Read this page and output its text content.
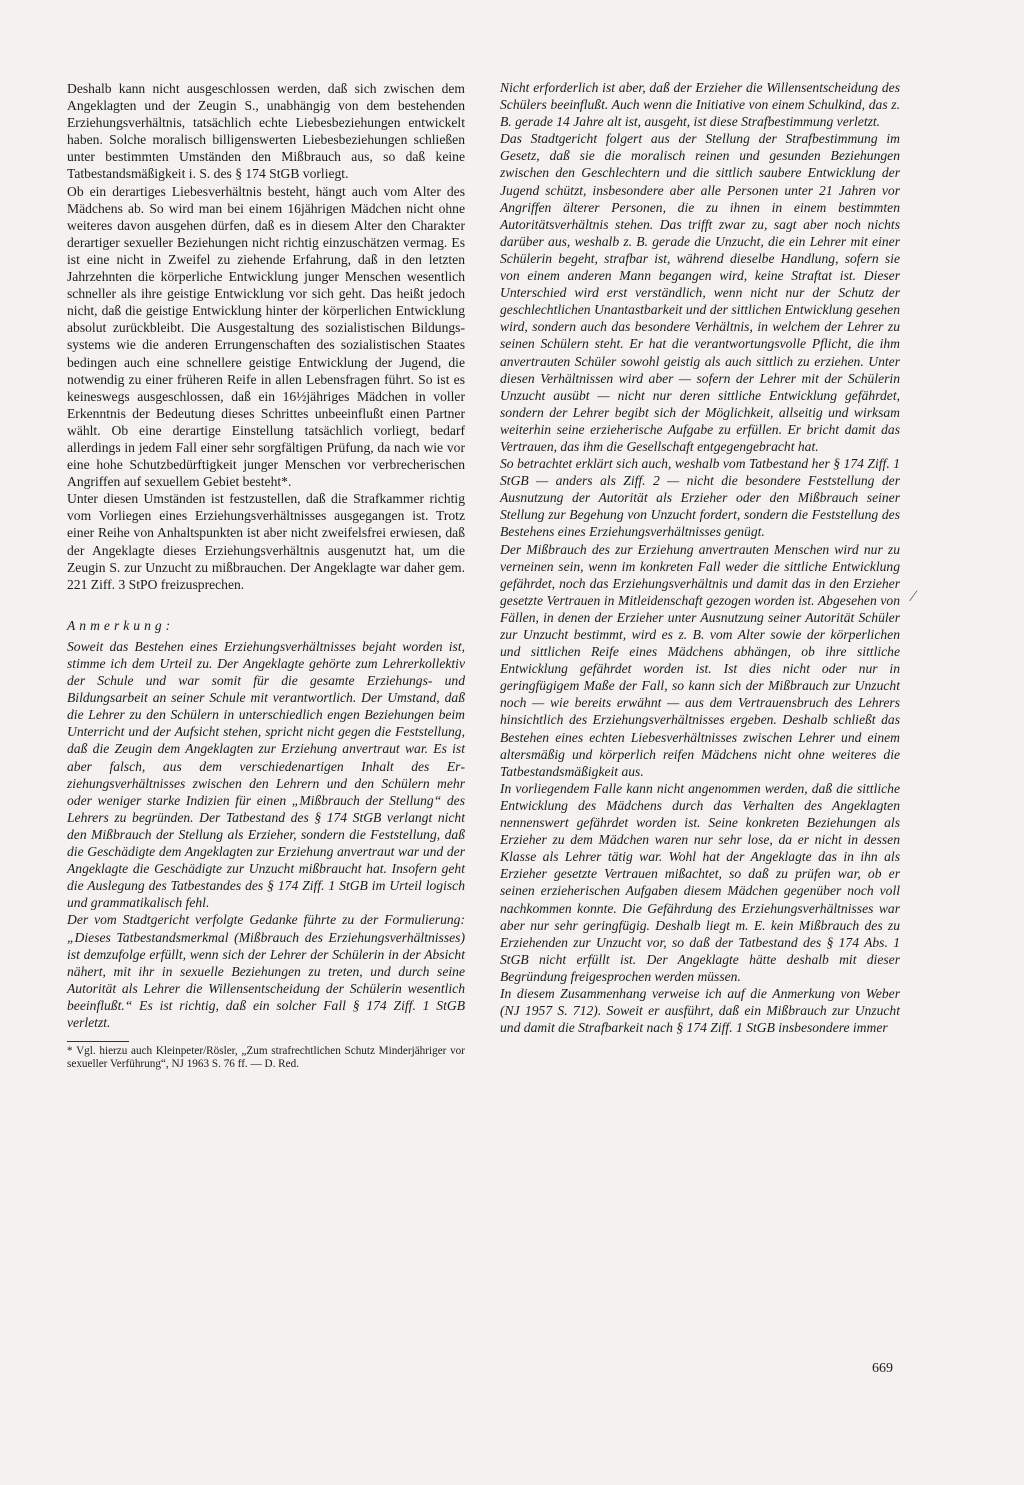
Deshalb kann nicht ausgeschlossen werden, daß sich zwischen dem Angeklagten und der Zeugin S., unabhängig von dem bestehenden Erziehungsverhältnis, tatsächlich echte Liebesbeziehungen entwickelt haben. Solche moralisch billigenswerten Liebesbeziehungen schließen unter bestimmten Umständen den Mißbrauch aus, so daß keine Tatbestandsmäßigkeit i. S. des § 174 StGB vorliegt.

Ob ein derartiges Liebesverhältnis besteht, hängt auch vom Alter des Mädchens ab. So wird man bei einem 16jährigen Mädchen nicht ohne weiteres davon ausgehen dürfen, daß es in diesem Alter den Charakter derartiger sexueller Beziehungen nicht richtig einzuschätzen vermag. Es ist eine nicht in Zweifel zu ziehende Erfahrung, daß in den letzten Jahrzehnten die körperliche Entwicklung junger Menschen wesentlich schneller als ihre geistige Entwicklung vor sich geht. Das heißt jedoch nicht, daß die geistige Entwicklung hinter der körperlichen Entwicklung absolut zurückbleibt. Die Ausgestaltung des sozialistischen Bildungssystems wie die anderen Errungenschaften des sozialistischen Staates bedingen auch eine schnellere geistige Entwicklung der Jugend, die notwendig zu einer früheren Reife in allen Lebensfragen führt. So ist es keineswegs ausgeschlossen, daß ein 16½jähriges Mädchen in voller Erkenntnis der Bedeutung dieses Schrittes unbeeinflußt einen Partner wählt. Ob eine derartige Einstellung tatsächlich vorliegt, bedarf allerdings in jedem Fall einer sehr sorgfältigen Prüfung, da nach wie vor eine hohe Schutzbedürftigkeit junger Menschen vor verbrecherischen Angriffen auf sexuellem Gebiet besteht*.

Unter diesen Umständen ist festzustellen, daß die Strafkammer richtig vom Vorliegen eines Erziehungsverhältnisses ausgegangen ist. Trotz einer Reihe von Anhaltspunkten ist aber nicht zweifelsfrei erwiesen, daß der Angeklagte dieses Erziehungsverhältnis ausgenutzt hat, um die Zeugin S. zur Unzucht zu mißbrauchen. Der Angeklagte war daher gem. 221 Ziff. 3 StPO freizusprechen.

Anmerkung:

Soweit das Bestehen eines Erziehungsverhältnisses bejaht worden ist, stimme ich dem Urteil zu. Der Angeklagte gehörte zum Lehrerkollektiv der Schule und war somit für die gesamte Erziehungs- und Bildungsarbeit an seiner Schule mit verantwortlich. Der Umstand, daß die Lehrer zu den Schülern in unterschiedlich engen Beziehungen beim Unterricht und der Aufsicht stehen, spricht nicht gegen die Feststellung, daß die Zeugin dem Angeklagten zur Erziehung anvertraut war. Es ist aber falsch, aus dem verschiedenartigen Inhalt des Erziehungsverhältnisses zwischen den Lehrern und den Schülern mehr oder weniger starke Indizien für einen „Mißbrauch der Stellung“ des Lehrers zu begründen. Der Tatbestand des § 174 StGB verlangt nicht den Mißbrauch der Stellung als Erzieher, sondern die Feststellung, daß die Geschädigte dem Angeklagten zur Erziehung anvertraut war und der Angeklagte die Geschädigte zur Unzucht mißbraucht hat. Insofern geht die Auslegung des Tatbestandes des § 174 Ziff. 1 StGB im Urteil logisch und grammatikalisch fehl.

Der vom Stadtgericht verfolgte Gedanke führte zu der Formulierung: „Dieses Tatbestandsmerkmal (Mißbrauch des Erziehungsverhältnisses) ist demzufolge erfüllt, wenn sich der Lehrer der Schülerin in der Absicht nähert, mit ihr in sexuelle Beziehungen zu treten, und durch seine Autorität als Lehrer die Willensentscheidung der Schülerin wesentlich beeinflußt.“ Es ist richtig, daß ein solcher Fall § 174 Ziff. 1 StGB verletzt.

* Vgl. hierzu auch Kleinpeter/Rösler, „Zum strafrechtlichen Schutz Minderjähriger vor sexueller Verführung“, NJ 1963 S. 76 ff. — D. Red.

Nicht erforderlich ist aber, daß der Erzieher die Willensentscheidung des Schülers beeinflußt. Auch wenn die Initiative von einem Schulkind, das z. B. gerade 14 Jahre alt ist, ausgeht, ist diese Strafbestimmung verletzt.

Das Stadtgericht folgert aus der Stellung der Strafbestimmung im Gesetz, daß sie die moralisch reinen und gesunden Beziehungen zwischen den Geschlechtern und die sittlich saubere Entwicklung der Jugend schützt, insbesondere aber alle Personen unter 21 Jahren vor Angriffen älterer Personen, die zu ihnen in einem bestimmten Autoritätsverhältnis stehen. Das trifft zwar zu, sagt aber noch nichts darüber aus, weshalb z. B. gerade die Unzucht, die ein Lehrer mit einer Schülerin begeht, strafbar ist, während dieselbe Handlung, sofern sie von einem anderen Mann begangen wird, keine Straftat ist. Dieser Unterschied wird erst verständlich, wenn nicht nur der Schutz der geschlechtlichen Unantastbarkeit und der sittlichen Entwicklung gesehen wird, sondern auch das besondere Verhältnis, in welchem der Lehrer zu seinen Schülern steht. Er hat die verantwortungsvolle Pflicht, die ihm anvertrauten Schüler sowohl geistig als auch sittlich zu erziehen. Unter diesen Verhältnissen wird aber — sofern der Lehrer mit der Schülerin Unzucht ausübt — nicht nur deren sittliche Entwicklung gefährdet, sondern der Lehrer begibt sich der Möglichkeit, allseitig und wirksam weiterhin seine erzieherische Aufgabe zu erfüllen. Er bricht damit das Vertrauen, das ihm die Gesellschaft entgegengebracht hat.

So betrachtet erklärt sich auch, weshalb vom Tatbestand her § 174 Ziff. 1 StGB — anders als Ziff. 2 — nicht die besondere Feststellung der Ausnutzung der Autorität als Erzieher oder den Mißbrauch seiner Stellung zur Begehung von Unzucht fordert, sondern die Feststellung des Bestehens eines Erziehungsverhältnisses genügt.

Der Mißbrauch des zur Erziehung anvertrauten Menschen wird nur zu verneinen sein, wenn im konkreten Fall weder die sittliche Entwicklung gefährdet, noch das Erziehungsverhältnis und damit das in den Erzieher gesetzte Vertrauen in Mitleidenschaft gezogen worden ist. Abgesehen von Fällen, in denen der Erzieher unter Ausnutzung seiner Autorität Schüler zur Unzucht bestimmt, wird es z. B. vom Alter sowie der körperlichen und sittlichen Reife eines Mädchens abhängen, ob ihre sittliche Entwicklung gefährdet worden ist. Ist dies nicht oder nur in geringfügigem Maße der Fall, so kann sich der Mißbrauch zur Unzucht noch — wie bereits erwähnt — aus dem Vertrauensbruch des Lehrers hinsichtlich des Erziehungsverhältnisses ergeben. Deshalb schließt das Bestehen eines echten Liebesverhältnisses zwischen Lehrer und einem altersmäßig und körperlich reifen Mädchens nicht ohne weiteres die Tatbestandsmäßigkeit aus.

In vorliegendem Falle kann nicht angenommen werden, daß die sittliche Entwicklung des Mädchens durch das Verhalten des Angeklagten nennenswert gefährdet worden ist. Seine konkreten Beziehungen als Erzieher zu dem Mädchen waren nur sehr lose, da er nicht in dessen Klasse als Lehrer tätig war. Wohl hat der Angeklagte das in ihn als Erzieher gesetzte Vertrauen mißachtet, so daß zu prüfen war, ob er seinen erzieherischen Aufgaben diesem Mädchen gegenüber noch voll nachkommen konnte. Die Gefährdung des Erziehungsverhältnisses war aber nur sehr geringfügig. Deshalb liegt m. E. kein Mißbrauch des zu Erziehenden zur Unzucht vor, so daß der Tatbestand des § 174 Abs. 1 StGB nicht erfüllt ist. Der Angeklagte hätte deshalb mit dieser Begründung freigesprochen werden müssen.

In diesem Zusammenhang verweise ich auf die Anmerkung von Weber (NJ 1957 S. 712). Soweit er ausführt, daß ein Mißbrauch zur Unzucht und damit die Strafbarkeit nach § 174 Ziff. 1 StGB insbesondere immer

⁄
669
